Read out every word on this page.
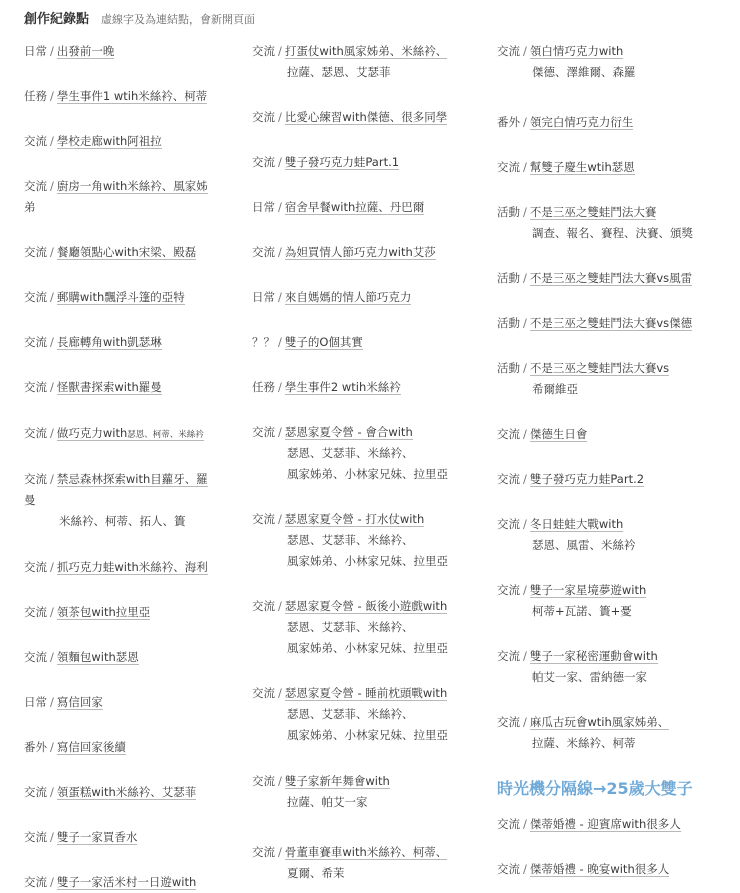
創作紀錄點 虛線字及為連結點，會新開頁面
日常 / 出發前一晚
任務 / 學生事件1 wtih米絲衿、柯蒂
交流 / 學校走廊with阿祖拉
交流 / 廚房一角with米絲衿、風家姊
弟
交流 / 餐廳領點心with宋梁、殿磊
交流 / 郵購with飄浮斗篷的亞特
交流 / 長廊轉角with凱瑟琳
交流 / 怪獸書探索with羅曼
交流 / 做巧克力with瑟恩、柯蒂、米絲衿
交流 / 禁忌森林探索with目蘿牙、羅
曼
米絲衿、柯蒂、拓人、簣
交流 / 抓巧克力蛙with米絲衿、海利
交流 / 領茶包with拉里亞
交流 / 領麵包with瑟恩
日常 / 寫信回家
番外 / 寫信回家後續
交流 / 領蛋糕with米絲衿、艾瑟菲
交流 / 雙子一家買香水
交流 / 雙子一家活米村一日遊with
交流 / 打蛋仗with風家姊弟、米絲衿、
拉薩、瑟恩、艾瑟菲
交流 / 比愛心練習with傑德、很多同學
交流 / 雙子發巧克力蛙Part.1
日常 / 宿舍早餐with拉薩、丹巴爾
交流 / 為妲買情人節巧克力with艾莎
日常 / 來自媽媽的情人節巧克力
？？ / 雙子的O個其實
任務 / 學生事件2 wtih米絲衿
交流 / 瑟恩家夏令營 - 會合with
瑟恩、艾瑟菲、米絲衿、
風家姊弟、小林家兄妹、拉里亞
交流 / 瑟恩家夏令營 - 打水仗with
瑟恩、艾瑟菲、米絲衿、
風家姊弟、小林家兄妹、拉里亞
交流 / 瑟恩家夏令營 - 飯後小遊戲with
瑟恩、艾瑟菲、米絲衿、
風家姊弟、小林家兄妹、拉里亞
交流 / 瑟恩家夏令營 - 睡前枕頭戰with
瑟恩、艾瑟菲、米絲衿、
風家姊弟、小林家兄妹、拉里亞
交流 / 雙子家新年舞會with
拉薩、帕艾一家
交流 / 骨董車賽車with米絲衿、柯蒂、
夏爾、希茉
交流 / 領白情巧克力with
傑德、澤維爾、森羅
番外 / 領完白情巧克力衍生
交流 / 幫雙子慶生wtih瑟恩
活動 / 不是三巫之雙蛙鬥法大賽
調查、報名、賽程、決賽、頒獎
活動 / 不是三巫之雙蛙鬥法大賽vs風雷
活動 / 不是三巫之雙蛙鬥法大賽vs傑德
活動 / 不是三巫之雙蛙鬥法大賽vs
希爾維亞
交流 / 傑德生日會
交流 / 雙子發巧克力蛙Part.2
交流 / 冬日蛙蛙大戰with
瑟恩、風雷、米絲衿
交流 / 雙子一家星境夢遊with
柯蒂+瓦諾、簣+憂
交流 / 雙子一家秘密運動會with
帕艾一家、雷納德一家
交流 / 麻瓜古玩會wtih風家姊弟、
拉薩、米絲衿、柯蒂
時光機分隔線→25歲大雙子
交流 / 傑蒂婚禮 - 迎賓席with很多人
交流 / 傑蒂婚禮 - 晚宴with很多人
